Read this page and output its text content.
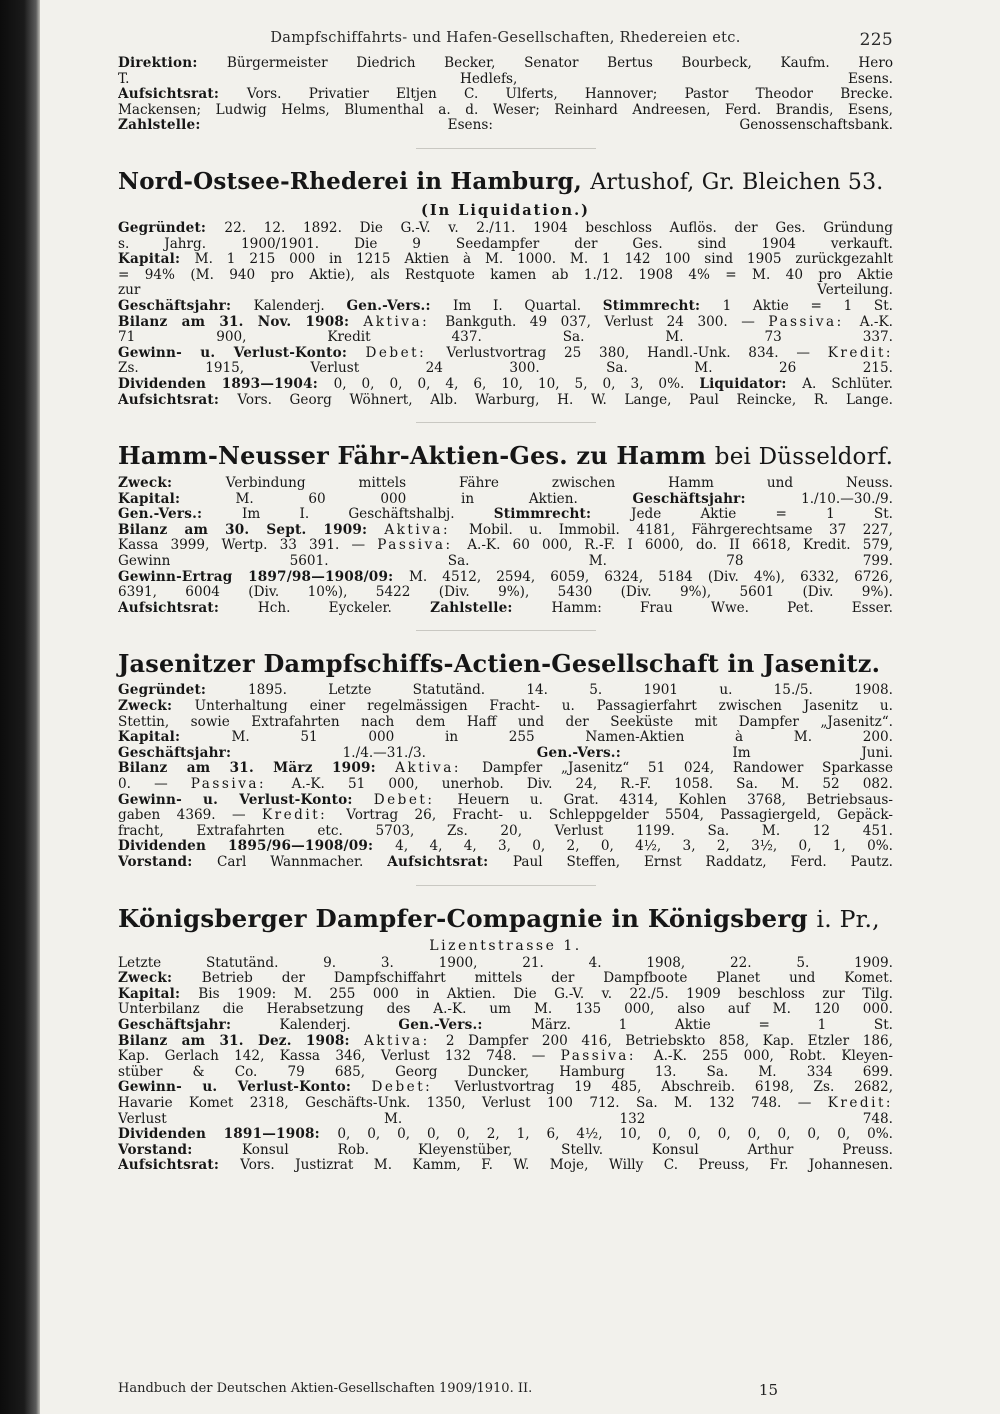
Dampfschiffahrts- und Hafen-Gesellschaften, Rhedereien etc.	225
Direktion: Bürgermeister Diedrich Becker, Senator Bertus Bourbeck, Kaufm. Hero
T. Hedlefs, Esens.
Aufsichtsrat: Vors. Privatier Eltjen C. Ulferts, Hannover; Pastor Theodor Brecke.
Mackensen; Ludwig Helms, Blumenthal a. d. Weser; Reinhard Andreesen, Ferd. Brandis, Esens,
Zahlstelle: Esens: Genossenschaftsbank.
Nord-Ostsee-Rhederei in Hamburg, Artushof, Gr. Bleichen 53.
(In Liquidation.)
Gegründet: 22. 12. 1892. Die G.-V. v. 2./11. 1904 beschloss Auflös. der Ges. Gründung
s. Jahrg. 1900/1901. Die 9 Seedampfer der Ges. sind 1904 verkauft.
Kapital: M. 1 215 000 in 1215 Aktien à M. 1000. M. 1 142 100 sind 1905 zurückgezahlt
= 94% (M. 940 pro Aktie), als Restquote kamen ab 1./12. 1908 4% = M. 40 pro Aktie
zur Verteilung.
Geschäftsjahr: Kalenderj. Gen.-Vers.: Im I. Quartal. Stimmrecht: 1 Aktie = 1 St.
Bilanz am 31. Nov. 1908: Aktiva: Bankguth. 49 037, Verlust 24 300. — Passiva: A.-K.
71 900, Kredit 437. Sa. M. 73 337.
Gewinn- u. Verlust-Konto: Debet: Verlustvortrag 25 380, Handl.-Unk. 834. — Kredit:
Zs. 1915, Verlust 24 300. Sa. M. 26 215.
Dividenden 1893—1904: 0, 0, 0, 0, 4, 6, 10, 10, 5, 0, 3, 0%. Liquidator: A. Schlüter.
Aufsichtsrat: Vors. Georg Wöhnert, Alb. Warburg, H. W. Lange, Paul Reincke, R. Lange.
Hamm-Neusser Fähr-Aktien-Ges. zu Hamm bei Düsseldorf.
Zweck: Verbindung mittels Fähre zwischen Hamm und Neuss.
Kapital: M. 60 000 in Aktien. Geschäftsjahr: 1./10.—30./9.
Gen.-Vers.: Im I. Geschäftshalbj. Stimmrecht: Jede Aktie = 1 St.
Bilanz am 30. Sept. 1909: Aktiva: Mobil. u. Immobil. 4181, Fährgerechtsame 37 227,
Kassa 3999, Wertp. 33 391. — Passiva: A.-K. 60 000, R.-F. I 6000, do. II 6618, Kredit. 579,
Gewinn 5601. Sa. M. 78 799.
Gewinn-Ertrag 1897/98—1908/09: M. 4512, 2594, 6059, 6324, 5184 (Div. 4%), 6332, 6726,
6391, 6004 (Div. 10%), 5422 (Div. 9%), 5430 (Div. 9%), 5601 (Div. 9%).
Aufsichtsrat: Hch. Eyckeler. Zahlstelle: Hamm: Frau Wwe. Pet. Esser.
Jasenitzer Dampfschiffs-Actien-Gesellschaft in Jasenitz.
Gegründet: 1895. Letzte Statutänd. 14. 5. 1901 u. 15./5. 1908.
Zweck: Unterhaltung einer regelmässigen Fracht- u. Passagierfahrt zwischen Jasenitz u.
Stettin, sowie Extrafahrten nach dem Haff und der Seeküste mit Dampfer „Jasenitz“.
Kapital: M. 51 000 in 255 Namen-Aktien à M. 200.
Geschäftsjahr: 1./4.—31./3. Gen.-Vers.: Im Juni.
Bilanz am 31. März 1909: Aktiva: Dampfer „Jasenitz“ 51 024, Randower Sparkasse
0. — Passiva: A.-K. 51 000, unerhob. Div. 24, R.-F. 1058. Sa. M. 52 082.
Gewinn- u. Verlust-Konto: Debet: Heuern u. Grat. 4314, Kohlen 3768, Betriebsaus-
gaben 4369. — Kredit: Vortrag 26, Fracht- u. Schleppgelder 5504, Passagiergeld, Gepäck-
fracht, Extrafahrten etc. 5703, Zs. 20, Verlust 1199. Sa. M. 12 451.
Dividenden 1895/96—1908/09: 4, 4, 4, 3, 0, 2, 0, 4½, 3, 2, 3½, 0, 1, 0%.
Vorstand: Carl Wannmacher. Aufsichtsrat: Paul Steffen, Ernst Raddatz, Ferd. Pautz.
Königsberger Dampfer-Compagnie in Königsberg i. Pr.,
Lizentstrasse 1.
Letzte Statutänd. 9. 3. 1900, 21. 4. 1908, 22. 5. 1909.
Zweck: Betrieb der Dampfschiffahrt mittels der Dampfboote Planet und Komet.
Kapital: Bis 1909: M. 255 000 in Aktien. Die G.-V. v. 22./5. 1909 beschloss zur Tilg.
Unterbilanz die Herabsetzung des A.-K. um M. 135 000, also auf M. 120 000.
Geschäftsjahr: Kalenderj. Gen.-Vers.: März. 1 Aktie = 1 St.
Bilanz am 31. Dez. 1908: Aktiva: 2 Dampfer 200 416, Betriebskto 858, Kap. Etzler 186,
Kap. Gerlach 142, Kassa 346, Verlust 132 748. — Passiva: A.-K. 255 000, Robt. Kleyen-
stüber & Co. 79 685, Georg Duncker, Hamburg 13. Sa. M. 334 699.
Gewinn- u. Verlust-Konto: Debet: Verlustvortrag 19 485, Abschreib. 6198, Zs. 2682,
Havarie Komet 2318, Geschäfts-Unk. 1350, Verlust 100 712. Sa. M. 132 748. — Kredit:
Verlust M. 132 748.
Dividenden 1891—1908: 0, 0, 0, 0, 0, 2, 1, 6, 4½, 10, 0, 0, 0, 0, 0, 0, 0, 0%.
Vorstand: Konsul Rob. Kleyenstüber, Stellv. Konsul Arthur Preuss.
Aufsichtsrat: Vors. Justizrat M. Kamm, F. W. Moje, Willy C. Preuss, Fr. Johannesen.
Handbuch der Deutschen Aktien-Gesellschaften 1909/1910. II.	15
